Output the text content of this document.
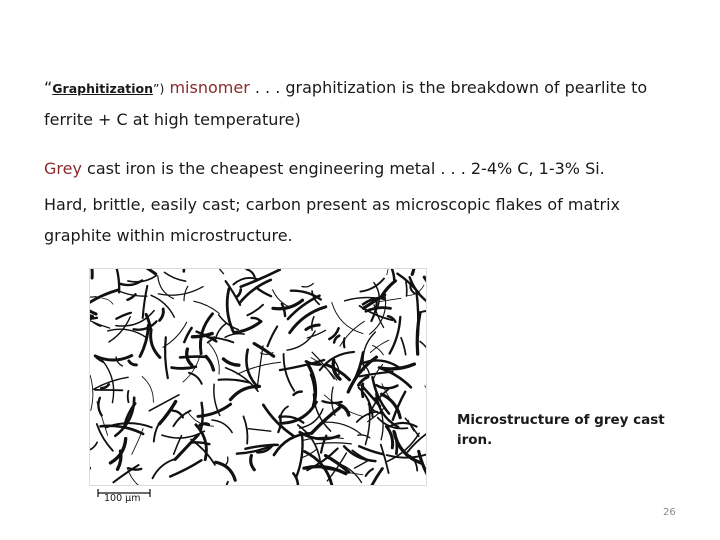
“Graphitization”) misnomer . . . graphitization is the breakdown of pearlite to
ferrite + C at high temperature)

Grey cast iron is the cheapest engineering metal . . . 2-4% C, 1-3% Si.

Hard, brittle, easily cast; carbon present as microscopic flakes of matrix graphite within microstructure.

100 μm

Microstructure of grey cast iron.

26
